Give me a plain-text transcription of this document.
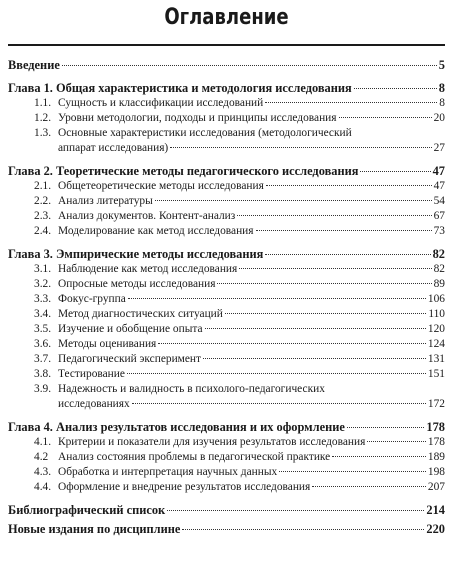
Оглавление
Введение	5
Глава 1. Общая характеристика и методология исследования	8
1.1. Сущность и классификации исследований	8
1.2. Уровни методологии, подходы и принципы исследования	20
1.3. Основные характеристики исследования (методологический
аппарат исследования)	27
Глава 2. Теоретические методы педагогического исследования	47
2.1. Общетеоретические методы исследования	47
2.2. Анализ литературы	54
2.3. Анализ документов. Контент-анализ	67
2.4. Моделирование как метод исследования	73
Глава 3. Эмпирические методы исследования	82
3.1. Наблюдение как метод исследования	82
3.2. Опросные методы исследования	89
3.3. Фокус-группа	106
3.4. Метод диагностических ситуаций	110
3.5. Изучение и обобщение опыта	120
3.6. Методы оценивания	124
3.7. Педагогический эксперимент	131
3.8. Тестирование	151
3.9. Надежность и валидность в психолого-педагогических
исследованиях	172
Глава 4. Анализ результатов исследования и их оформление	178
4.1. Критерии и показатели для изучения результатов исследования	178
4.2 Анализ состояния проблемы в педагогической практике	189
4.3. Обработка и интерпретация научных данных	198
4.4. Оформление и внедрение результатов исследования	207
Библиографический список	214
Новые издания по дисциплине	220
